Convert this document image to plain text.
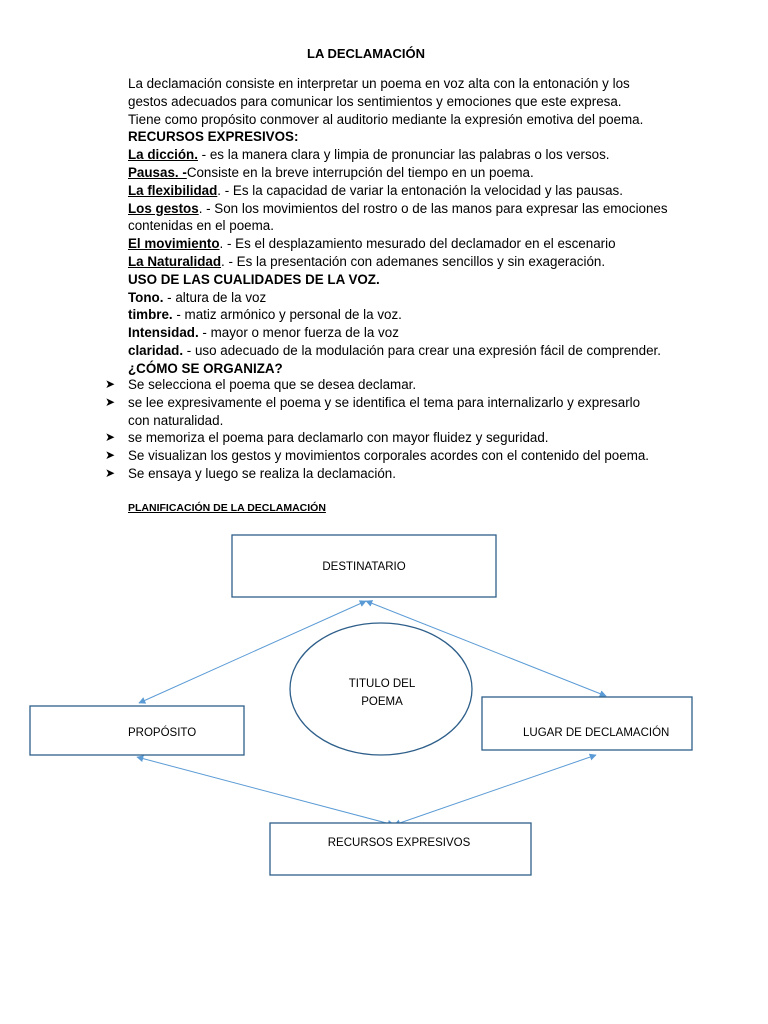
LA DECLAMACIÓN
La declamación consiste en interpretar un poema en voz alta con la entonación y los
gestos adecuados para comunicar los sentimientos y emociones que este expresa.
Tiene como propósito conmover al auditorio mediante la expresión emotiva del poema.
RECURSOS EXPRESIVOS:
La dicción. - es la manera clara y limpia de pronunciar las palabras o los versos.
Pausas. -Consiste en la breve interrupción del tiempo en un poema.
La flexibilidad. - Es la capacidad de variar la entonación la velocidad y las pausas.
Los gestos. - Son los movimientos del rostro o de las manos para expresar las emociones
contenidas en el poema.
El movimiento. - Es el desplazamiento mesurado del declamador en el escenario
La Naturalidad. - Es la presentación con ademanes sencillos y sin exageración.
USO DE LAS CUALIDADES DE LA VOZ.
Tono. - altura de la voz
timbre. - matiz armónico y personal de la voz.
Intensidad. - mayor o menor fuerza de la voz
claridad. - uso adecuado de la modulación para crear una expresión fácil de comprender.
¿CÓMO SE ORGANIZA?
➤ Se selecciona el poema que se desea declamar.
➤ se lee expresivamente el poema y se identifica el tema para internalizarlo y expresarlo
con naturalidad.
➤ se memoriza el poema para declamarlo con mayor fluidez y seguridad.
➤ Se visualizan los gestos y movimientos corporales acordes con el contenido del poema.
➤ Se ensaya y luego se realiza la declamación.
PLANIFICACIÓN DE LA DECLAMACIÓN
DESTINATARIO
TITULO DEL
POEMA
PROPÓSITO	LUGAR DE DECLAMACIÓN
RECURSOS EXPRESIVOS
